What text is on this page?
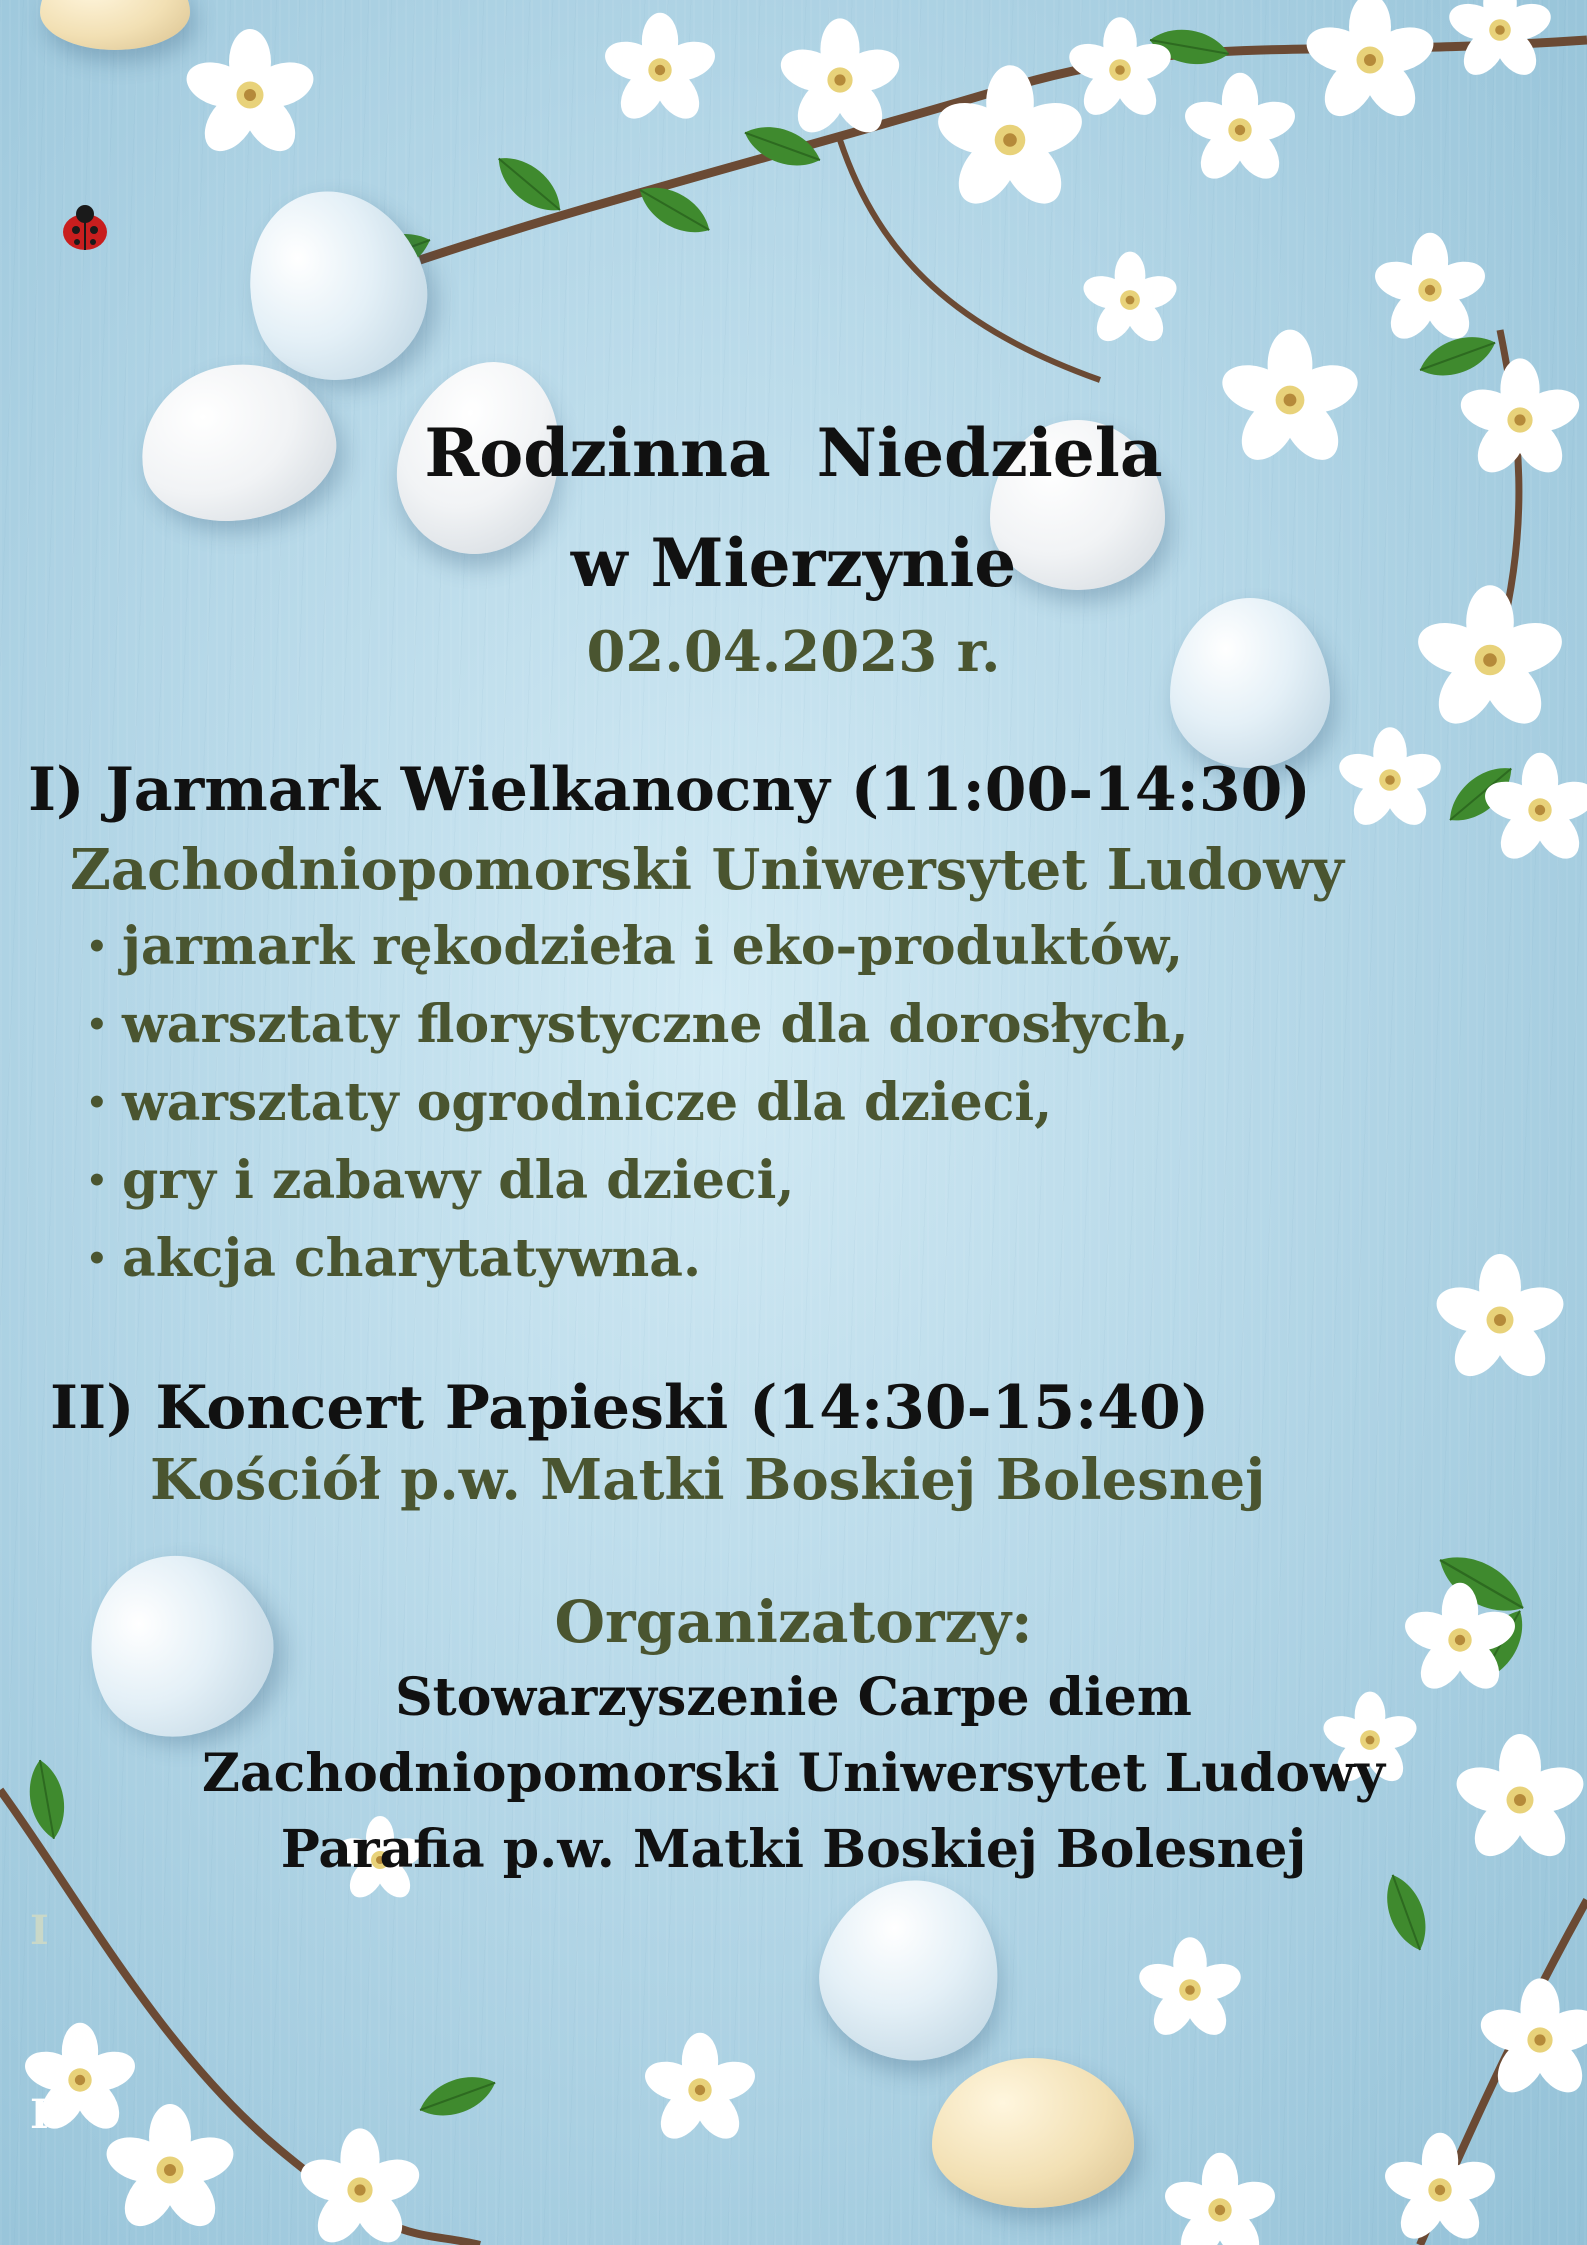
Rodzinna  Niedziela
w Mierzynie

02.04.2023 r.

I) Jarmark Wielkanocny (11:00-14:30)

Zachodniopomorski Uniwersytet Ludowy

• jarmark rękodzieła i eko-produktów,
• warsztaty florystyczne dla dorosłych,
• warsztaty ogrodnicze dla dzieci,
• gry i zabawy dla dzieci,
• akcja charytatywna.

II) Koncert Papieski (14:30-15:40)

Kościół p.w. Matki Boskiej Bolesnej

Organizatorzy:

Stowarzyszenie Carpe diem

Zachodniopomorski Uniwersytet Ludowy

Parafia p.w. Matki Boskiej Bolesnej

I

I
